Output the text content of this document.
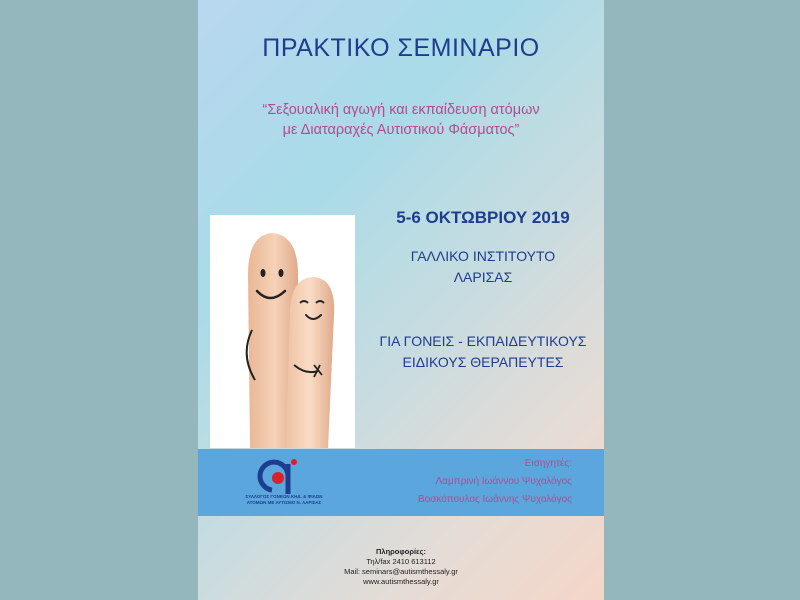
ΠΡΑΚΤΙΚΟ ΣΕΜΙΝΑΡΙΟ
“Σεξουαλική αγωγή και εκπαίδευση ατόμων
με Διαταραχές Αυτιστικού Φάσματος”
5-6 ΟΚΤΩΒΡΙΟΥ 2019
ΓΑΛΛΙΚΟ ΙΝΣΤΙΤΟΥΤΟ
ΛΑΡΙΣΑΣ
ΓΙΑ ΓΟΝΕΙΣ - ΕΚΠΑΙΔΕΥΤΙΚΟΥΣ
ΕΙΔΙΚΟΥΣ ΘΕΡΑΠΕΥΤΕΣ
ΣΥΛΛΟΓΟΣ ΓΟΝΕΩΝ ΚΗΔ. & ΦΙΛΩΝ
ΑΤΟΜΩΝ ΜΕ ΑΥΤΙΣΜΟ Ν. ΛΑΡΙΣΑΣ
Εισηγητές:
Λαμπρινή Ιωάννου Ψυχολόγος
Βοσκόπουλος Ιωάννης Ψυχολόγος
Πληροφορίες:
Τηλ/fax 2410 613112
Mail: seminars@autismthessaly.gr
www.autismthessaly.gr
